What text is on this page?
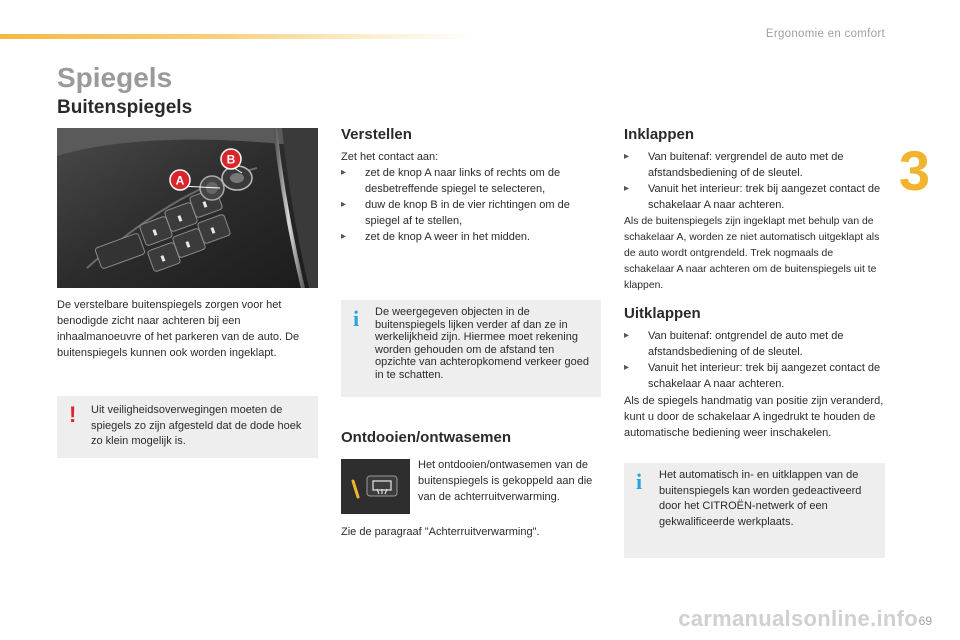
Ergonomie en comfort
3
Spiegels
Buitenspiegels
A
B

De verstelbare buitenspiegels zorgen voor het benodigde zicht naar achteren bij een inhaalmanoeuvre of het parkeren van de auto. De buitenspiegels kunnen ook worden ingeklapt.

! Uit veiligheidsoverwegingen moeten de spiegels zo zijn afgesteld dat de dode hoek zo klein mogelijk is.
Verstellen

Zet het contact aan:

▸ zet de knop A naar links of rechts om de desbetreffende spiegel te selecteren,
▸ duw de knop B in de vier richtingen om de spiegel af te stellen,
▸ zet de knop A weer in het midden.
i De weergegeven objecten in de buitenspiegels lijken verder af dan ze in werkelijkheid zijn. Hiermee moet rekening worden gehouden om de afstand ten opzichte van achteropkomend verkeer goed in te schatten.
Ontdooien/ontwasemen

Het ontdooien/ontwasemen van de buitenspiegels is gekoppeld aan die van de achterruitverwarming.

Zie de paragraaf "Achterruitverwarming".

Inklappen
▸ Van buitenaf: vergrendel de auto met de afstandsbediening of de sleutel.
▸ Vanuit het interieur: trek bij aangezet contact de schakelaar A naar achteren.

Als de buitenspiegels zijn ingeklapt met behulp van de schakelaar A, worden ze niet automatisch uitgeklapt als de auto wordt ontgrendeld. Trek nogmaals de schakelaar A naar achteren om de buitenspiegels uit te klappen.

Uitklappen
▸ Van buitenaf: ontgrendel de auto met de afstandsbediening of de sleutel.
▸ Vanuit het interieur: trek bij aangezet contact de schakelaar A naar achteren.

Als de spiegels handmatig van positie zijn veranderd, kunt u door de schakelaar A ingedrukt te houden de automatische bediening weer inschakelen.

i Het automatisch in- en uitklappen van de buitenspiegels kan worden gedeactiveerd door het CITROËN-netwerk of een gekwalificeerde werkplaats.
carmanualsonline.info 69
